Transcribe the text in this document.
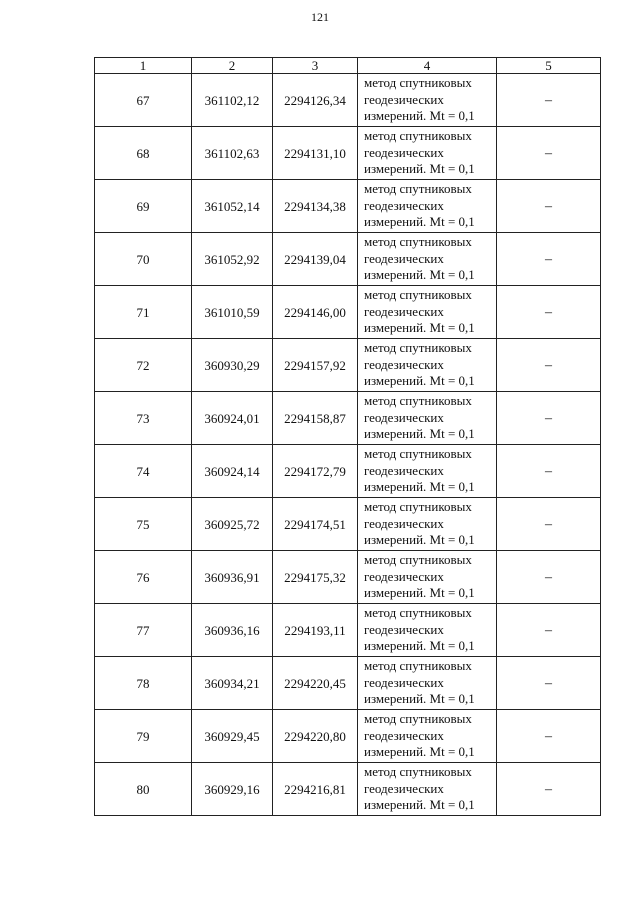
121
1	2	3	4	5
67	361102,12	2294126,34	метод спутниковых
геодезических
измерений. Mt = 0,1	–
68	361102,63	2294131,10	метод спутниковых
геодезических
измерений. Mt = 0,1	–
69	361052,14	2294134,38	метод спутниковых
геодезических
измерений. Mt = 0,1	–
70	361052,92	2294139,04	метод спутниковых
геодезических
измерений. Mt = 0,1	–
71	361010,59	2294146,00	метод спутниковых
геодезических
измерений. Mt = 0,1	–
72	360930,29	2294157,92	метод спутниковых
геодезических
измерений. Mt = 0,1	–
73	360924,01	2294158,87	метод спутниковых
геодезических
измерений. Mt = 0,1	–
74	360924,14	2294172,79	метод спутниковых
геодезических
измерений. Mt = 0,1	–
75	360925,72	2294174,51	метод спутниковых
геодезических
измерений. Mt = 0,1	–
76	360936,91	2294175,32	метод спутниковых
геодезических
измерений. Mt = 0,1	–
77	360936,16	2294193,11	метод спутниковых
геодезических
измерений. Mt = 0,1	–
78	360934,21	2294220,45	метод спутниковых
геодезических
измерений. Mt = 0,1	–
79	360929,45	2294220,80	метод спутниковых
геодезических
измерений. Mt = 0,1	–
80	360929,16	2294216,81	метод спутниковых
геодезических
измерений. Mt = 0,1	–
